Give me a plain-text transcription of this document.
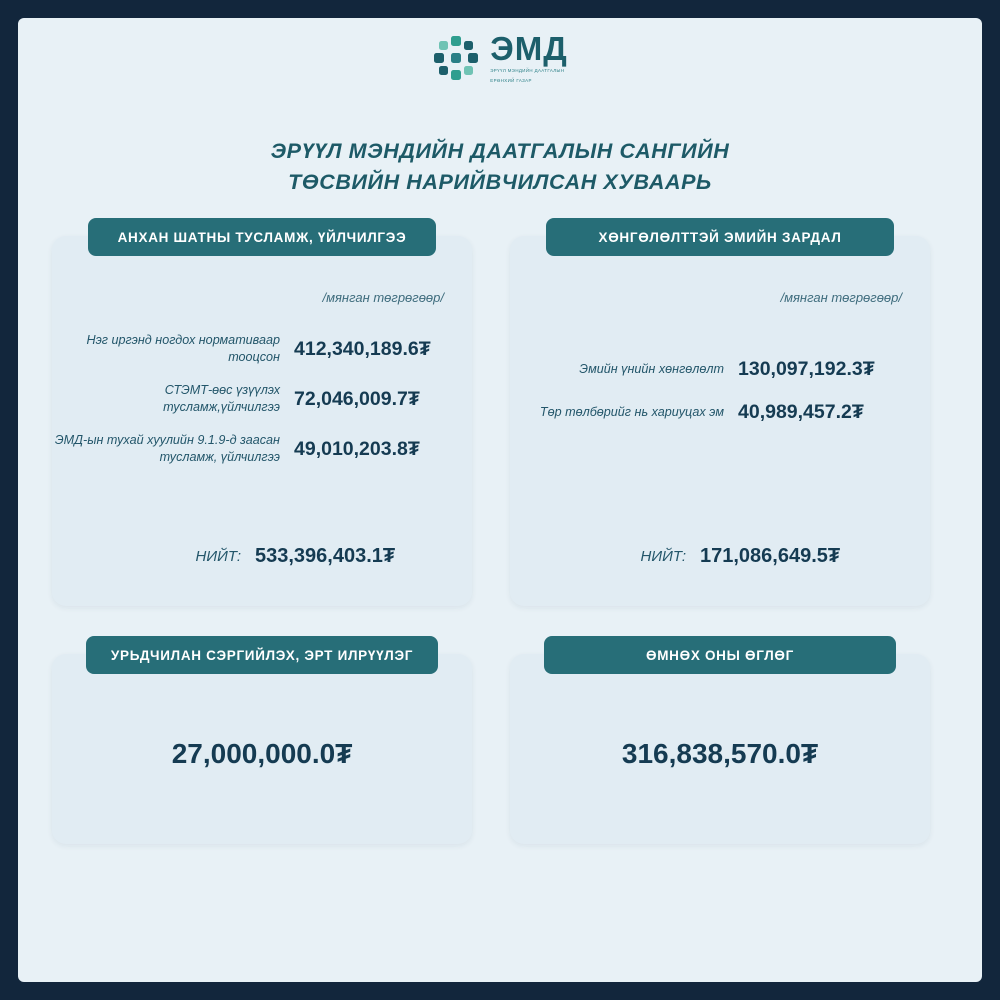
ЭМД
ЭРҮҮЛ МЭНДИЙН ДААТГАЛЫН
ЕРӨНХИЙ ГАЗАР
ЭРҮҮЛ МЭНДИЙН ДААТГАЛЫН САНГИЙН
ТӨСВИЙН НАРИЙВЧИЛСАН ХУВААРЬ
АНХАН ШАТНЫ ТУСЛАМЖ, ҮЙЛЧИЛГЭЭ
/мянган төгрөгөөр/
Нэг иргэнд ногдох нормативаар тооцсон 412,340,189.6₮
СТЭМТ-өөс үзүүлэх тусламж,үйлчилгээ 72,046,009.7₮
ЭМД-ын тухай хуулийн 9.1.9-д заасан тусламж, үйлчилгээ 49,010,203.8₮
НИЙТ: 533,396,403.1₮
ХӨНГӨЛӨЛТТЭЙ ЭМИЙН ЗАРДАЛ
/мянган төгрөгөөр/
Эмийн үнийн хөнгөлөлт 130,097,192.3₮
Төр төлбөрийг нь хариуцах эм 40,989,457.2₮
НИЙТ: 171,086,649.5₮
УРЬДЧИЛАН СЭРГИЙЛЭХ, ЭРТ ИЛРҮҮЛЭГ
27,000,000.0₮
ӨМНӨХ ОНЫ ӨГЛӨГ
316,838,570.0₮
